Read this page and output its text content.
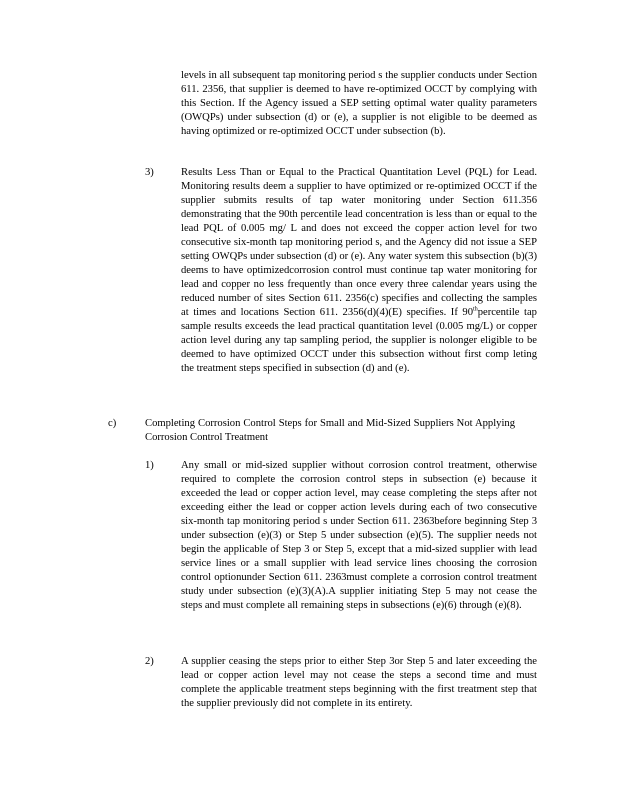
levels in all subsequent tap monitoring period s the supplier conducts under Section 611. 2356, that supplier is deemed to have re-optimized OCCT by complying with this Section. If the Agency issued a SEP setting optimal water quality parameters (OWQPs) under subsection (d) or (e), a supplier is not eligible to be deemed as having optimized or re-optimized OCCT under subsection (b).

3)	Results Less Than or Equal to the Practical Quantitation Level (PQL) for Lead. Monitoring results deem a supplier to have optimized or re-optimized OCCT if the supplier submits results of tap water monitoring under Section 611.356 demonstrating that the 90th percentile lead concentration is less than or equal to the lead PQL of 0.005 mg/ L and does not exceed the copper action level for two consecutive six-month tap monitoring period s, and the Agency did not issue a SEP setting OWQPs under subsection (d) or (e). Any water system this subsection (b)(3) deems to have optimizedcorrosion control must continue tap water monitoring for lead and copper no less frequently than once every three calendar years using the reduced number of sites Section 611. 2356(c) specifies and collecting the samples at times and locations Section 611. 2356(d)(4)(E) specifies. If 90thpercentile tap sample results exceeds the lead practical quantitation level (0.005 mg/L) or copper action level during any tap sampling period, the supplier is nolonger eligible to be deemed to have optimized OCCT under this subsection without first comp leting the treatment steps specified in subsection (d) and (e).

c)	Completing Corrosion Control Steps for Small and Mid-Sized Suppliers Not Applying Corrosion Control Treatment

1)	Any small or mid-sized supplier without corrosion control treatment, otherwise required to complete the corrosion control steps in subsection (e) because it exceeded the lead or copper action level, may cease completing the steps after not exceeding either the lead or copper action levels during each of two consecutive six-month tap monitoring period s under Section 611. 2363before beginning Step 3 under subsection (e)(3) or Step 5 under subsection (e)(5). The supplier needs not begin the applicable of Step 3 or Step 5, except that a mid-sized supplier with lead service lines or a small supplier with lead service lines choosing the corrosion control optionunder Section 611. 2363must complete a corrosion control treatment study under subsection (e)(3)(A).A supplier initiating Step 5 may not cease the steps and must complete all remaining steps in subsections (e)(6) through (e)(8).

2)	A supplier ceasing the steps prior to either Step 3or Step 5 and later exceeding the lead or copper action level may not cease the steps a second time and must complete the applicable treatment steps beginning with the first treatment step that the supplier previously did not complete in its entirety.
